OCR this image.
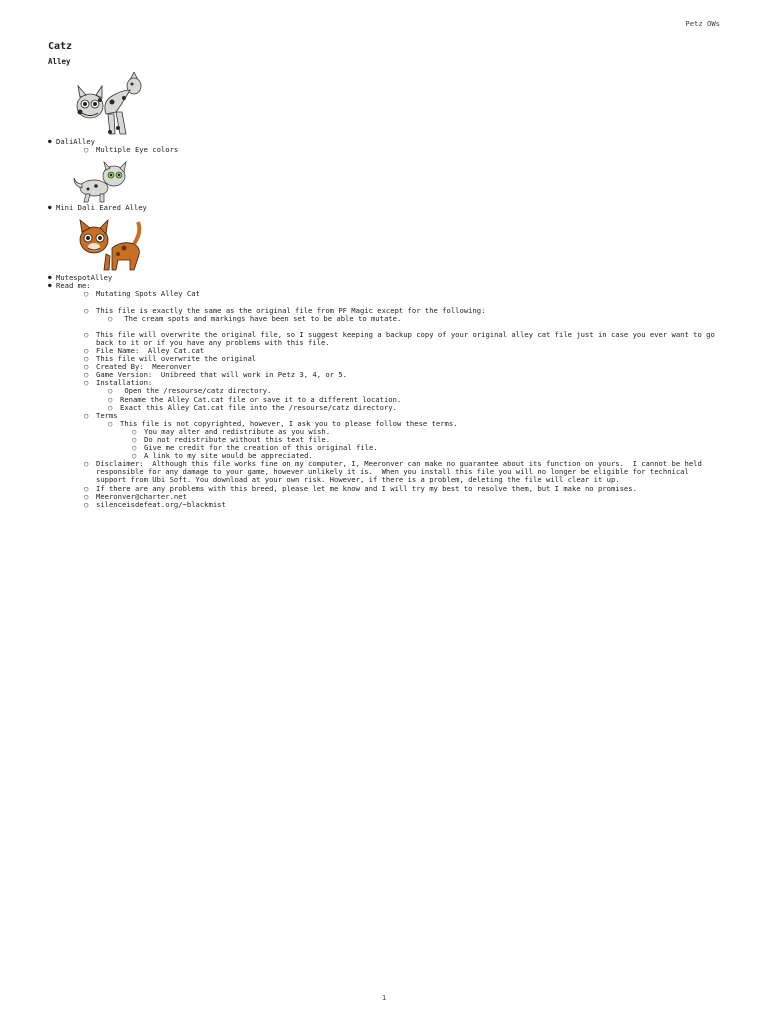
Petz OWs
Catz
Alley
● DaliAlley
○ Multiple Eye colors
● Mini Dali Eared Alley
● MutespotAlley
● Read me:
○ Mutating Spots Alley Cat
○ This file is exactly the same as the original file from PF Magic except for the following:
○  The cream spots and markings have been set to be able to mutate.
○ This file will overwrite the original file, so I suggest keeping a backup copy of your original alley cat file just in case you ever want to go back to it or if you have any problems with this file.
○ File Name:  Alley Cat.cat
○ This file will overwrite the original
○ Created By:  Meeronver
○ Game Version:  Unibreed that will work in Petz 3, 4, or 5.
○ Installation:
○  Open the /resourse/catz directory.
○ Rename the Alley Cat.cat file or save it to a different location.
○ Exact this Alley Cat.cat file into the /resourse/catz directory.
○ Terms
○ This file is not copyrighted, however, I ask you to please follow these terms.
○ You may alter and redistribute as you wish.
○ Do not redistribute without this text file.
○ Give me credit for the creation of this original file.
○ A link to my site would be appreciated.
○ Disclaimer:  Although this file works fine on my computer, I, Meeronver can make no guarantee about its function on yours.  I cannot be held responsible for any damage to your game, however unlikely it is.  When you install this file you will no longer be eligible for technical support from Ubi Soft. You download at your own risk. However, if there is a problem, deleting the file will clear it up.
○ If there are any problems with this breed, please let me know and I will try my best to resolve them, but I make no promises.
○ Meeronver@charter.net
○ silenceisdefeat.org/~blackmist
1
